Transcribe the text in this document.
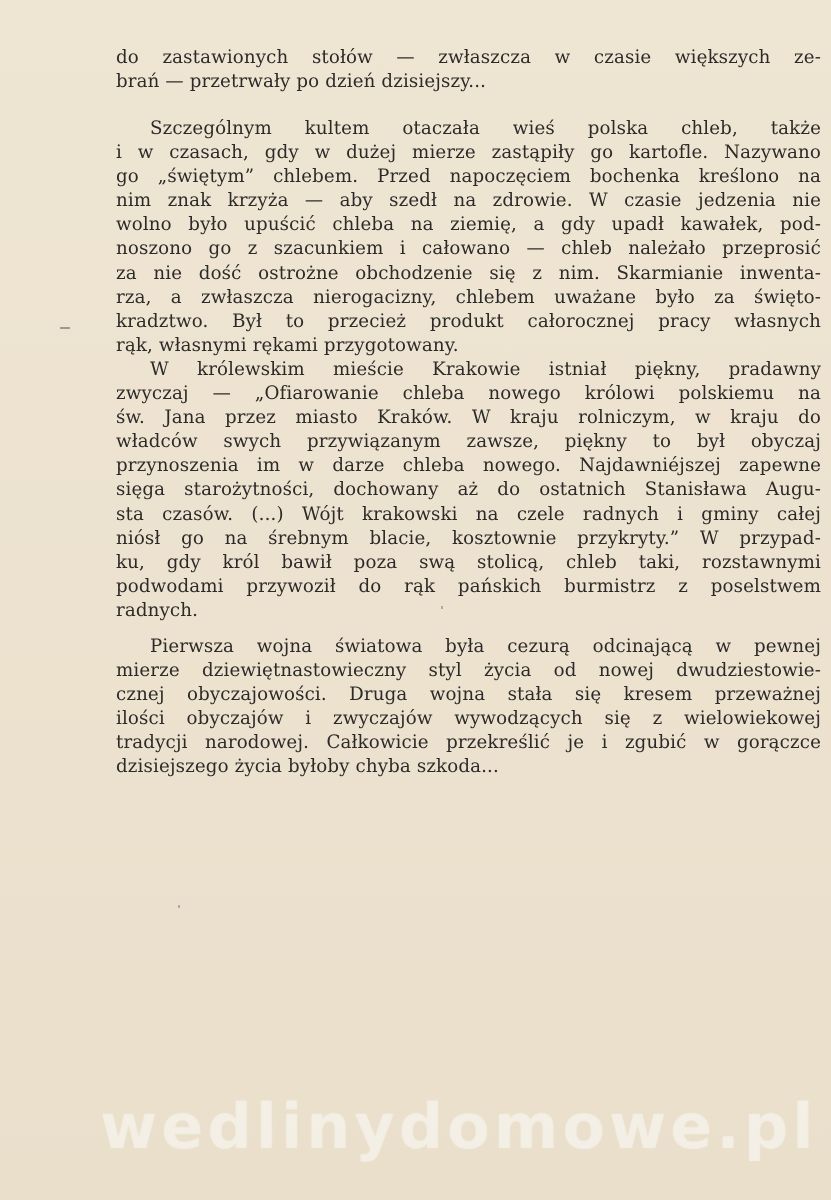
do zastawionych stołów — zwłaszcza w czasie większych ze-
brań — przetrwały po dzień dzisiejszy...
Szczególnym kultem otaczała wieś polska chleb, także
i w czasach, gdy w dużej mierze zastąpiły go kartofle. Nazywano
go „świętym” chlebem. Przed napoczęciem bochenka kreślono na
nim znak krzyża — aby szedł na zdrowie. W czasie jedzenia nie
wolno było upuścić chleba na ziemię, a gdy upadł kawałek, pod-
noszono go z szacunkiem i całowano — chleb należało przeprosić
za nie dość ostrożne obchodzenie się z nim. Skarmianie inwenta-
rza, a zwłaszcza nierogacizny, chlebem uważane było za święto-
kradztwo. Był to przecież produkt całorocznej pracy własnych
rąk, własnymi rękami przygotowany.
W królewskim mieście Krakowie istniał piękny, pradawny
zwyczaj — „Ofiarowanie chleba nowego królowi polskiemu na
św. Jana przez miasto Kraków. W kraju rolniczym, w kraju do
władców swych przywiązanym zawsze, piękny to był obyczaj
przynoszenia im w darze chleba nowego. Najdawniéjszej zapewne
sięga starożytności, dochowany aż do ostatnich Stanisława Augu-
sta czasów. (...) Wójt krakowski na czele radnych i gminy całej
niósł go na śrebnym blacie, kosztownie przykryty.” W przypad-
ku, gdy król bawił poza swą stolicą, chleb taki, rozstawnymi
podwodami przywoził do rąk pańskich burmistrz z poselstwem
radnych.
Pierwsza wojna światowa była cezurą odcinającą w pewnej
mierze dziewiętnastowieczny styl życia od nowej dwudziestowie-
cznej obyczajowości. Druga wojna stała się kresem przeważnej
ilości obyczajów i zwyczajów wywodzących się z wielowiekowej
tradycji narodowej. Całkowicie przekreślić je i zgubić w gorączce
dzisiejszego życia byłoby chyba szkoda...
wedlinydomowe.pl
